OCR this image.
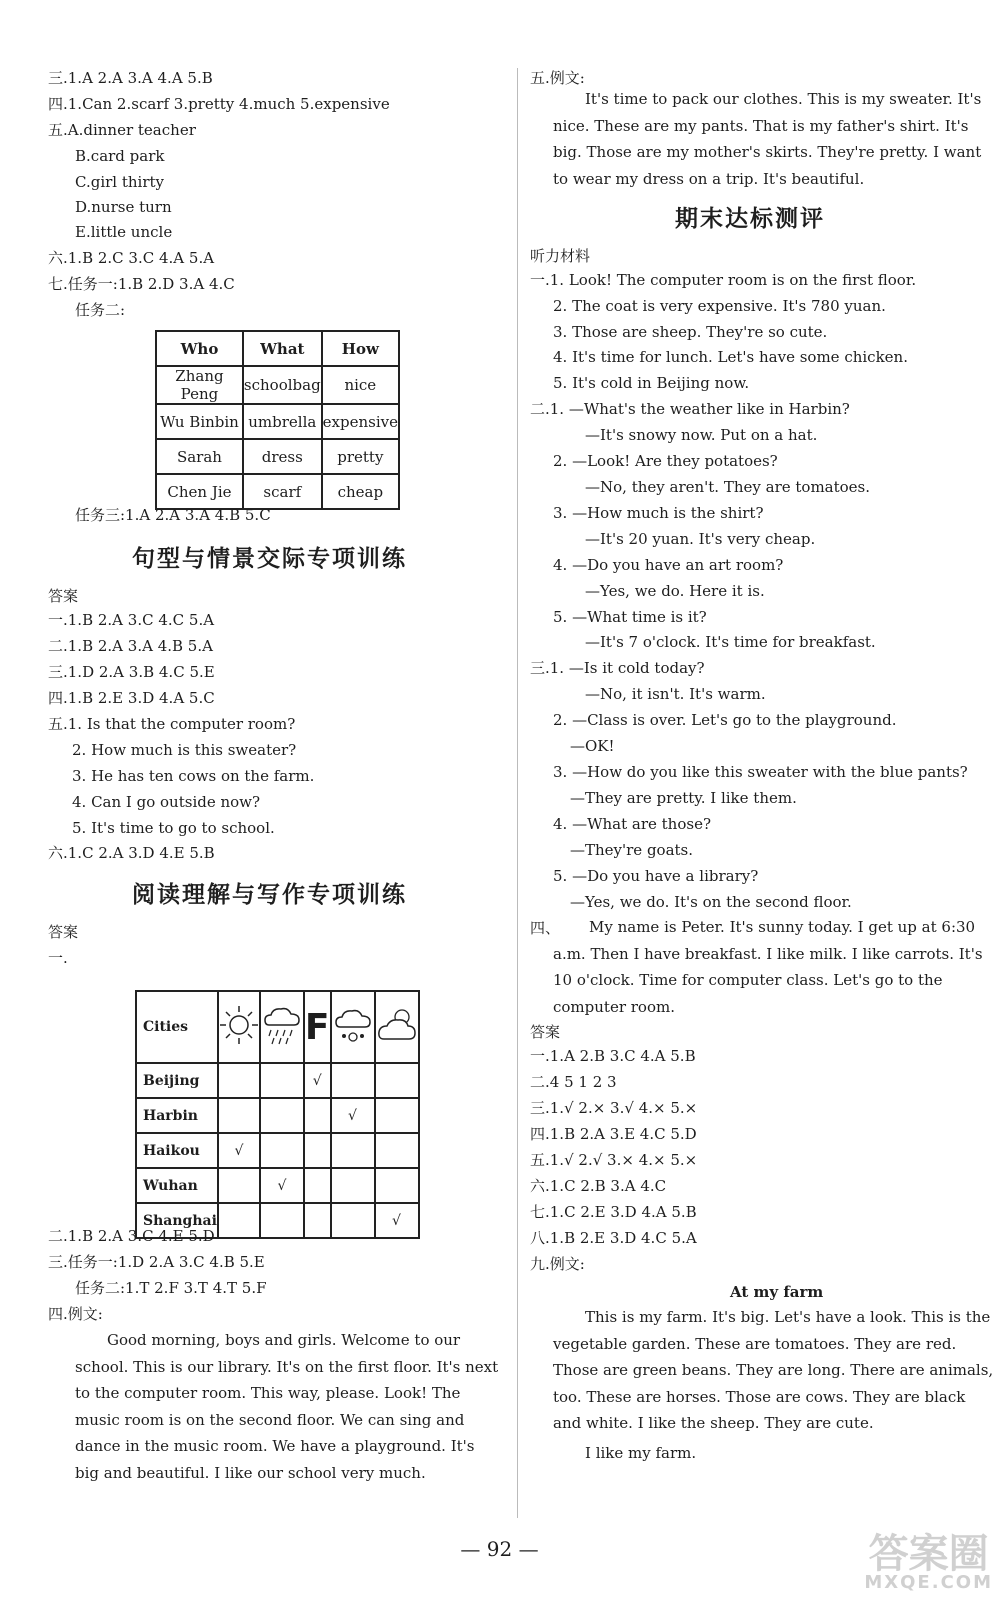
三.1.A 2.A 3.A 4.A 5.B
四.1.Can 2.scarf 3.pretty 4.much 5.expensive
五.A.dinner teacher
B.card park
C.girl thirty
D.nurse turn
E.little uncle
六.1.B 2.C 3.C 4.A 5.A
七.任务一:1.B 2.D 3.A 4.C
任务二:
Who	What	How
Zhang Peng	schoolbag	nice
Wu Binbin	umbrella	expensive
Sarah	dress	pretty
Chen Jie	scarf	cheap
任务三:1.A 2.A 3.A 4.B 5.C
句型与情景交际专项训练
答案
一.1.B 2.A 3.C 4.C 5.A
二.1.B 2.A 3.A 4.B 5.A
三.1.D 2.A 3.B 4.C 5.E
四.1.B 2.E 3.D 4.A 5.C
五.1. Is that the computer room?
2. How much is this sweater?
3. He has ten cows on the farm.
4. Can I go outside now?
5. It's time to go to school.
六.1.C 2.A 3.D 4.E 5.B
阅读理解与写作专项训练
答案
一.
Cities			F		
Beijing			√		
Harbin				√	
Haikou	√				
Wuhan		√			
Shanghai					√
二.1.B 2.A 3.C 4.E 5.D
三.任务一:1.D 2.A 3.C 4.B 5.E
任务二:1.T 2.F 3.T 4.T 5.F
四.例文:
Good morning, boys and girls. Welcome to our school. This is our library. It's on the first floor. It's next to the computer room. This way, please. Look! The music room is on the second floor. We can sing and dance in the music room. We have a playground. It's big and beautiful. I like our school very much.
五.例文:
It's time to pack our clothes. This is my sweater. It's nice. These are my pants. That is my father's shirt. It's big. Those are my mother's skirts. They're pretty. I want to wear my dress on a trip. It's beautiful.
期末达标测评
听力材料
一.1. Look! The computer room is on the first floor.
2. The coat is very expensive. It's 780 yuan.
3. Those are sheep. They're so cute.
4. It's time for lunch. Let's have some chicken.
5. It's cold in Beijing now.
二.1. —What's the weather like in Harbin?
—It's snowy now. Put on a hat.
2. —Look! Are they potatoes?
—No, they aren't. They are tomatoes.
3. —How much is the shirt?
—It's 20 yuan. It's very cheap.
4. —Do you have an art room?
—Yes, we do. Here it is.
5. —What time is it?
—It's 7 o'clock. It's time for breakfast.
三.1. —Is it cold today?
—No, it isn't. It's warm.
2. —Class is over. Let's go to the playground.
—OK!
3. —How do you like this sweater with the blue pants?
—They are pretty. I like them.
4. —What are those?
—They're goats.
5. —Do you have a library?
—Yes, we do. It's on the second floor.
四、	My name is Peter. It's sunny today. I get up at 6:30 a.m. Then I have breakfast. I like milk. I like carrots. It's 10 o'clock. Time for computer class. Let's go to the computer room.
答案
一.1.A 2.B 3.C 4.A 5.B
二.4 5 1 2 3
三.1.√ 2.× 3.√ 4.× 5.×
四.1.B 2.A 3.E 4.C 5.D
五.1.√ 2.√ 3.× 4.× 5.×
六.1.C 2.B 3.A 4.C
七.1.C 2.E 3.D 4.A 5.B
八.1.B 2.E 3.D 4.C 5.A
九.例文:
At my farm
This is my farm. It's big. Let's have a look. This is the vegetable garden. These are tomatoes. They are red. Those are green beans. They are long. There are animals, too. These are horses. Those are cows. They are black and white. I like the sheep. They are cute.
I like my farm.
— 92 —	答案圈
MXQE.COM
